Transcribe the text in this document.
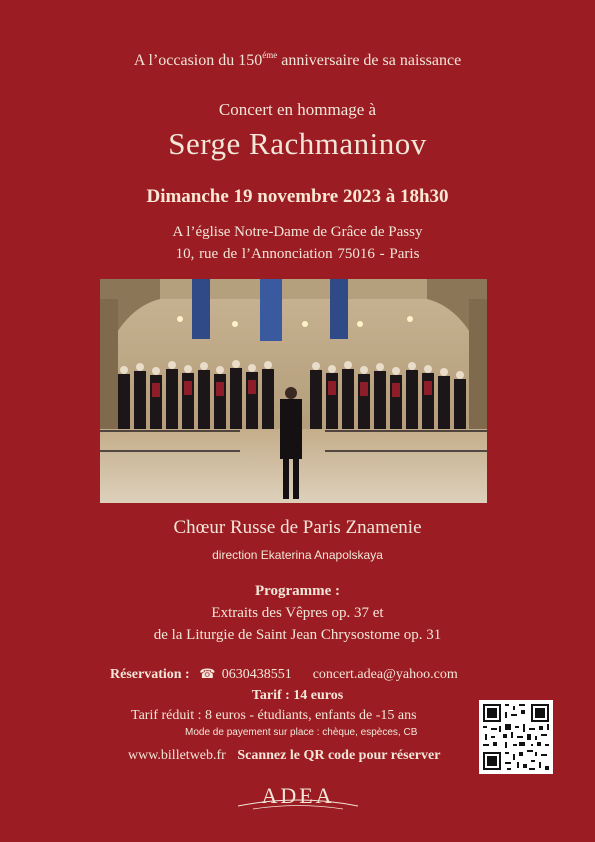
A l’occasion du $150^{éme}$ anniversaire de sa naissance
Concert en hommage à
Serge Rachmaninov
Dimanche 19 novembre 2023 à 18h30
A l’église Notre-Dame de Grâce de Passy
10, rue de l’Annonciation 75016 - Paris
Chœur Russe de Paris Znamenie
direction Ekaterina Anapolskaya
Programme :
Extraits des Vêpres op. 37 et
de la Liturgie de Saint Jean Chrysostome op. 31
Réservation : ☎ 0630438551 concert.adea@yahoo.com
Tarif : 14 euros
Tarif réduit : 8 euros - étudiants, enfants de -15 ans
Mode de payement sur place : chèque, espèces, CB
www.billetweb.fr Scannez le QR code pour réserver
ADEA
